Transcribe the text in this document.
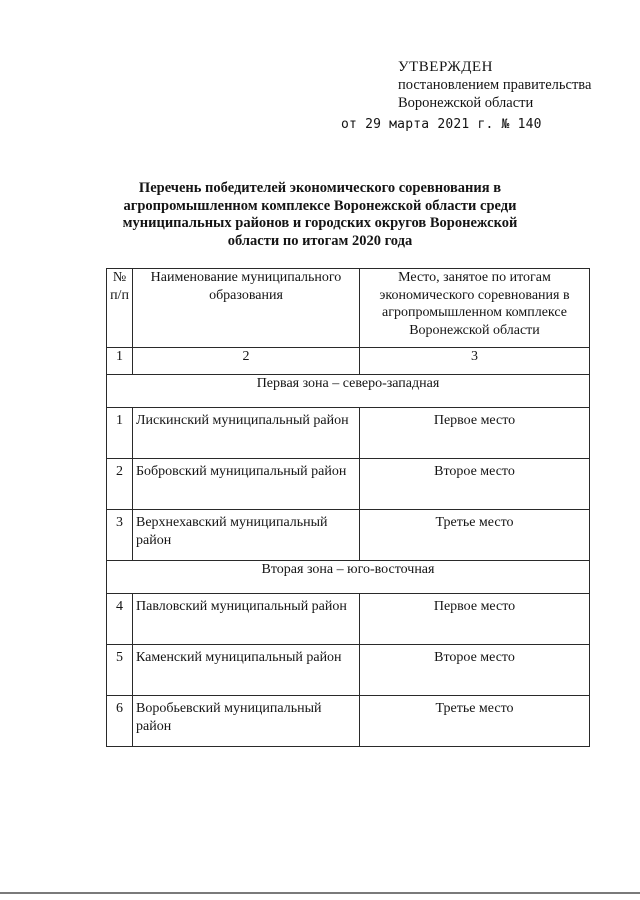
УТВЕРЖДЕН
постановлением правительства
Воронежской области
от 29 марта 2021 г. № 140
Перечень победителей экономического соревнования в агропромышленном комплексе Воронежской области среди муниципальных районов и городских округов Воронежской области по итогам 2020 года
№ п/п	Наименование муниципального образования	Место, занятое по итогам экономического соревнования в агропромышленном комплексе Воронежской области
1	2	3
Первая зона – северо-западная		
1	Лискинский муниципальный район	Первое место
2	Бобровский муниципальный район	Второе место
3	Верхнехавский муниципальный район	Третье место
Вторая зона – юго-восточная		
4	Павловский муниципальный район	Первое место
5	Каменский муниципальный район	Второе место
6	Воробьевский муниципальный район	Третье место
